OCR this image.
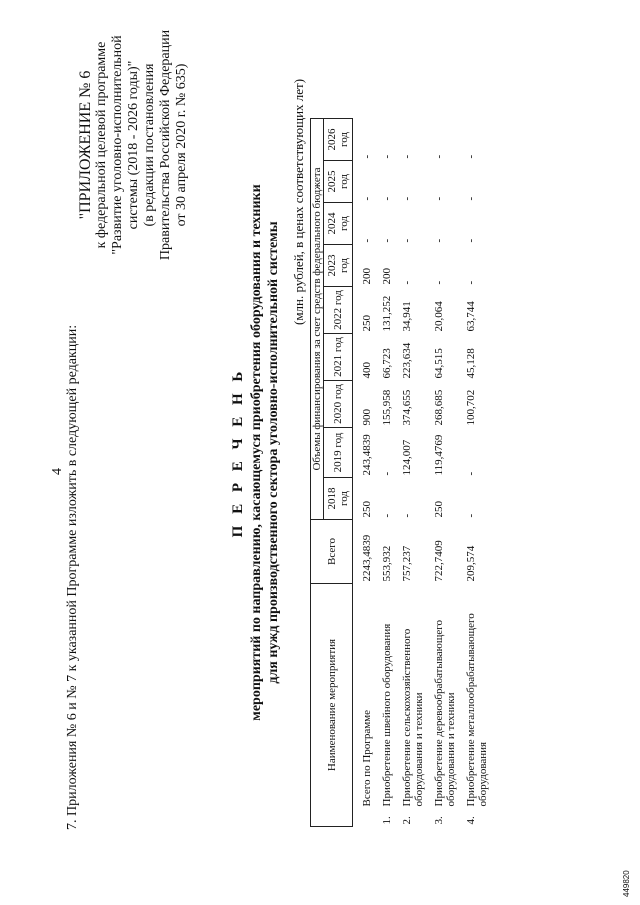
4 7. Приложения № 6 и № 7 к указанной Программе изложить в следующей редакции:
"ПРИЛОЖЕНИЕ № 6 к федеральной целевой программе "Развитие уголовно-исполнительной системы (2018 - 2026 годы)" (в редакции постановления Правительства Российской Федерации от 30 апреля 2020 г. № 635)
П Е Р Е Ч Е Н Ь мероприятий по направлению, касающемуся приобретения оборудования и техники для нужд производственного сектора уголовно-исполнительной системы
(млн. рублей, в ценах соответствующих лет)
Наименование мероприятия		Всего	Объемы финансирования за счет средств федерального бюджета								
			2018 год	2019 год	2020 год	2021 год	2022 год	2023 год	2024 год	2025 год	2026 год
	Всего по Программе	2243,4839	250	243,4839	900	400	250	200	-	-	-
1.	Приобретение швейного оборудования	553,932	-	-	155,958	66,723	131,252	200	-	-	-
2.	Приобретение сельскохозяйственного оборудования и техники	757,237	-	124,007	374,655	223,634	34,941	-	-	-	-
3.	Приобретение деревообрабатывающего оборудования и техники	722,7409	250	119,4769	268,685	64,515	20,064	-	-	-	-
4.	Приобретение металлообрабатывающего оборудования	209,574	-	-	100,702	45,128	63,744	-	-	-	-
449820
